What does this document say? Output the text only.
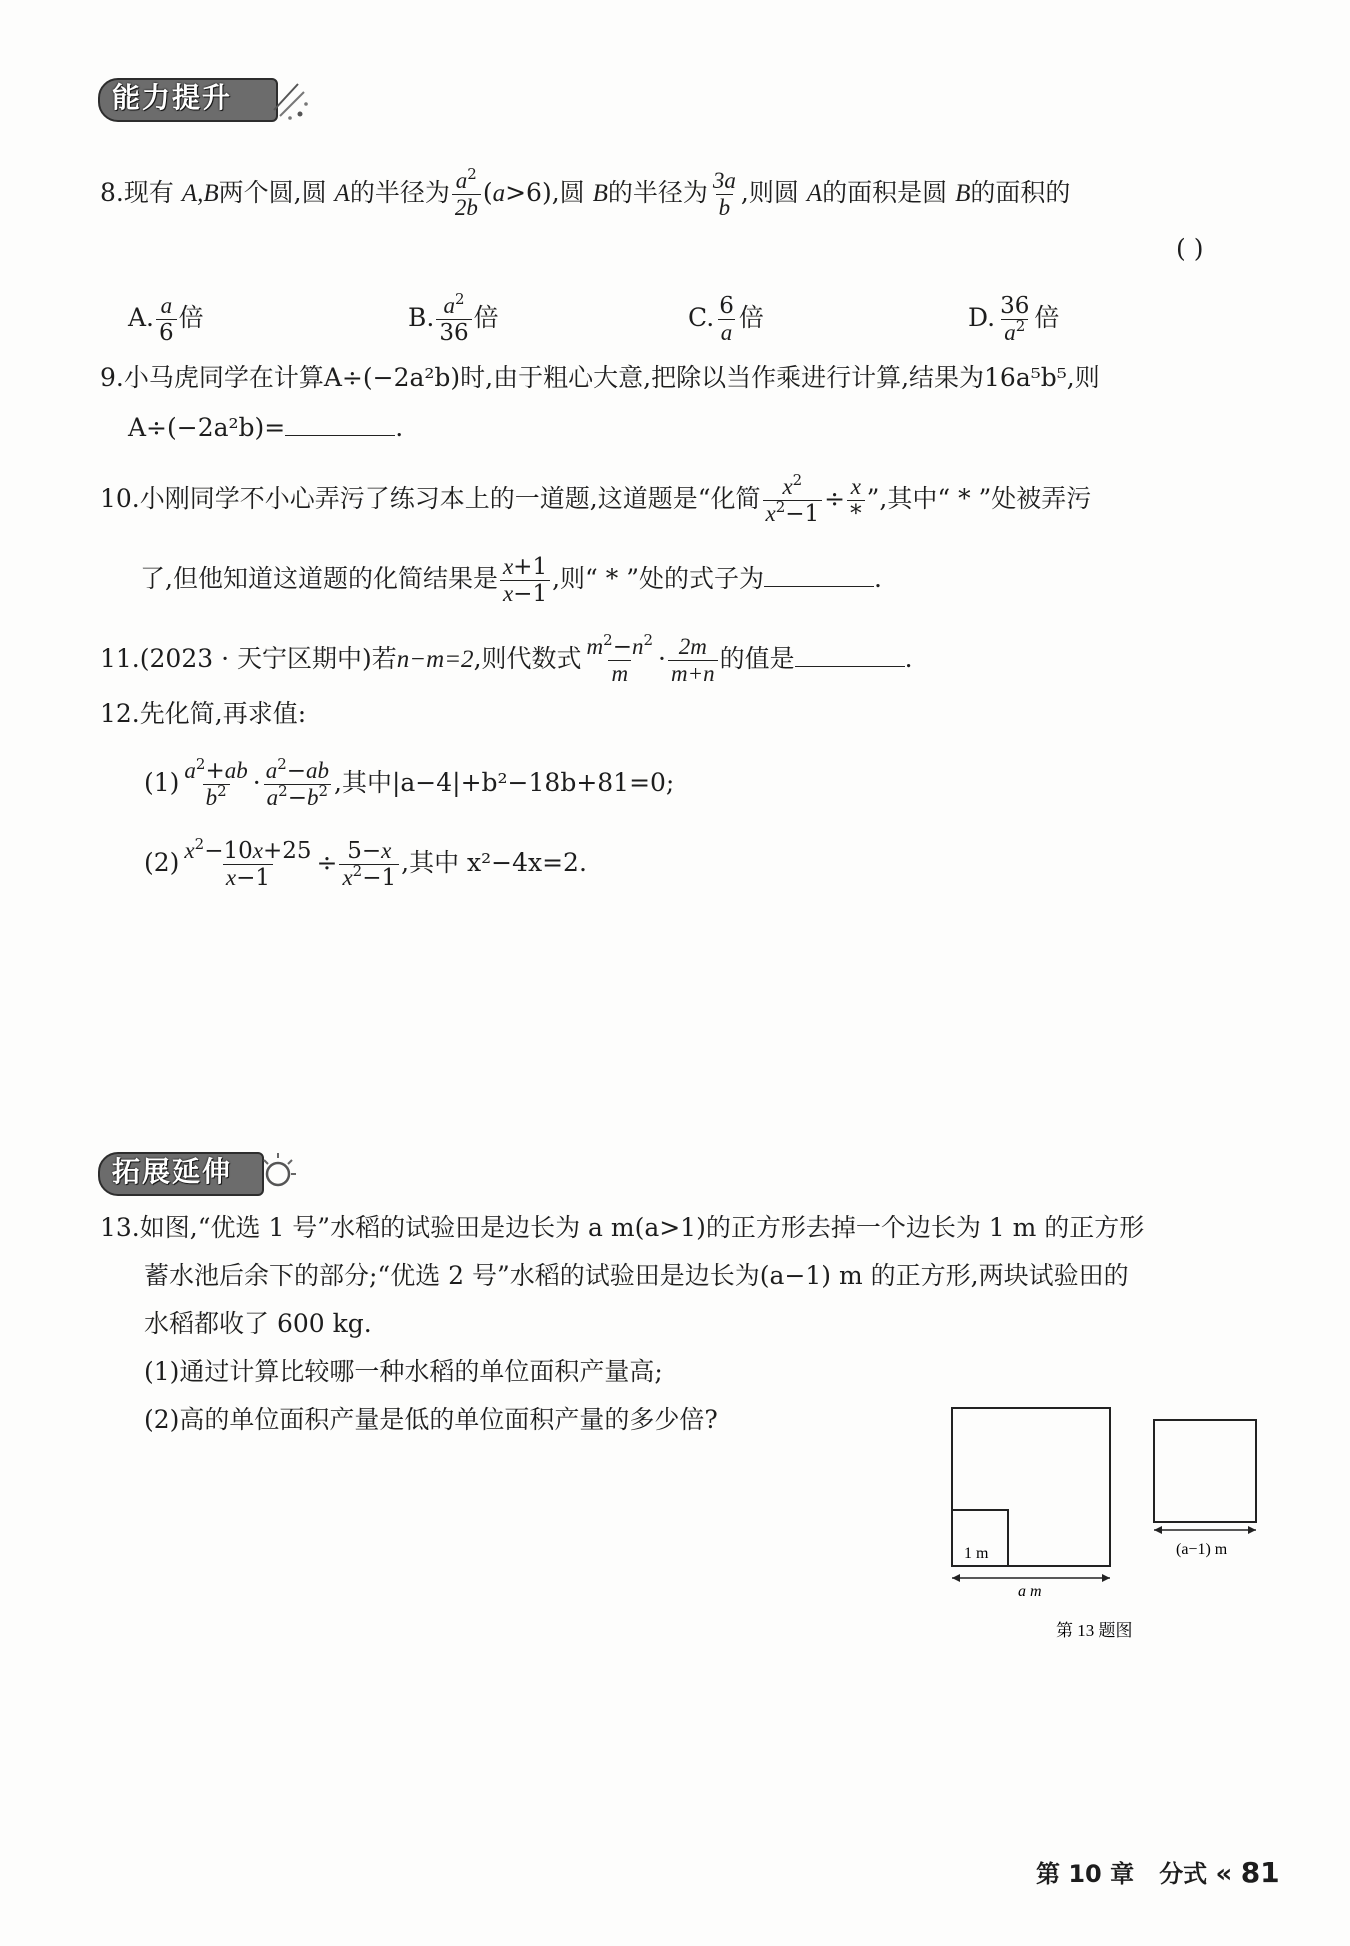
能力提升
8.现有 A,B两个圆,圆 A的半径为 $\frac{a^2}{2b} (a>6)$,圆 B的半径为 $\frac{3a}{b}$ ,则圆 A的面积是圆 B的面积的
( )
A. $\frac{a}{6}$ 倍	B. $\frac{a^2}{36}$ 倍	C. $\frac{6}{a}$ 倍	D. $\frac{36}{a^2}$ 倍
9.小马虎同学在计算A÷(−2a²b)时,由于粗心大意,把除以当作乘进行计算,结果为16a⁵b⁵,则
A÷(−2a²b)=	.
10.小刚同学不小心弄污了练习本上的一道题,这道题是“化简 $\frac{x^2}{x^2-1} \div \frac{x}{*}$ ”,其中“ * ”处被弄污
了,但他知道这道题的化简结果是 $\frac{x+1}{x-1}$ ,则“ * ”处的式子为	.
11.(2023 · 天宁区期中)若n−m=2,则代数式 $\frac{m^2-n^2}{m} \cdot \frac{2m}{m+n}$ 的值是	.
12.先化简,再求值:
$(1) \frac{a^2+ab}{b^2} \cdot \frac{a^2-ab}{a^2-b^2}$ ,其中|a−4|+b²−18b+81=0;
$(2) \frac{x^2-10x+25}{x-1} \div \frac{5-x}{x^2-1}$ ,其中 x²−4x=2.
拓展延伸
13.如图,“优选 1 号”水稻的试验田是边长为 a m(a>1)的正方形去掉一个边长为 1 m 的正方形
蓄水池后余下的部分;“优选 2 号”水稻的试验田是边长为(a−1) m 的正方形,两块试验田的
水稻都收了 600 kg.
(1)通过计算比较哪一种水稻的单位面积产量高;
(2)高的单位面积产量是低的单位面积产量的多少倍?
1 m
a m
(a−1) m
第 13 题图
第 10 章 分式 « 81
